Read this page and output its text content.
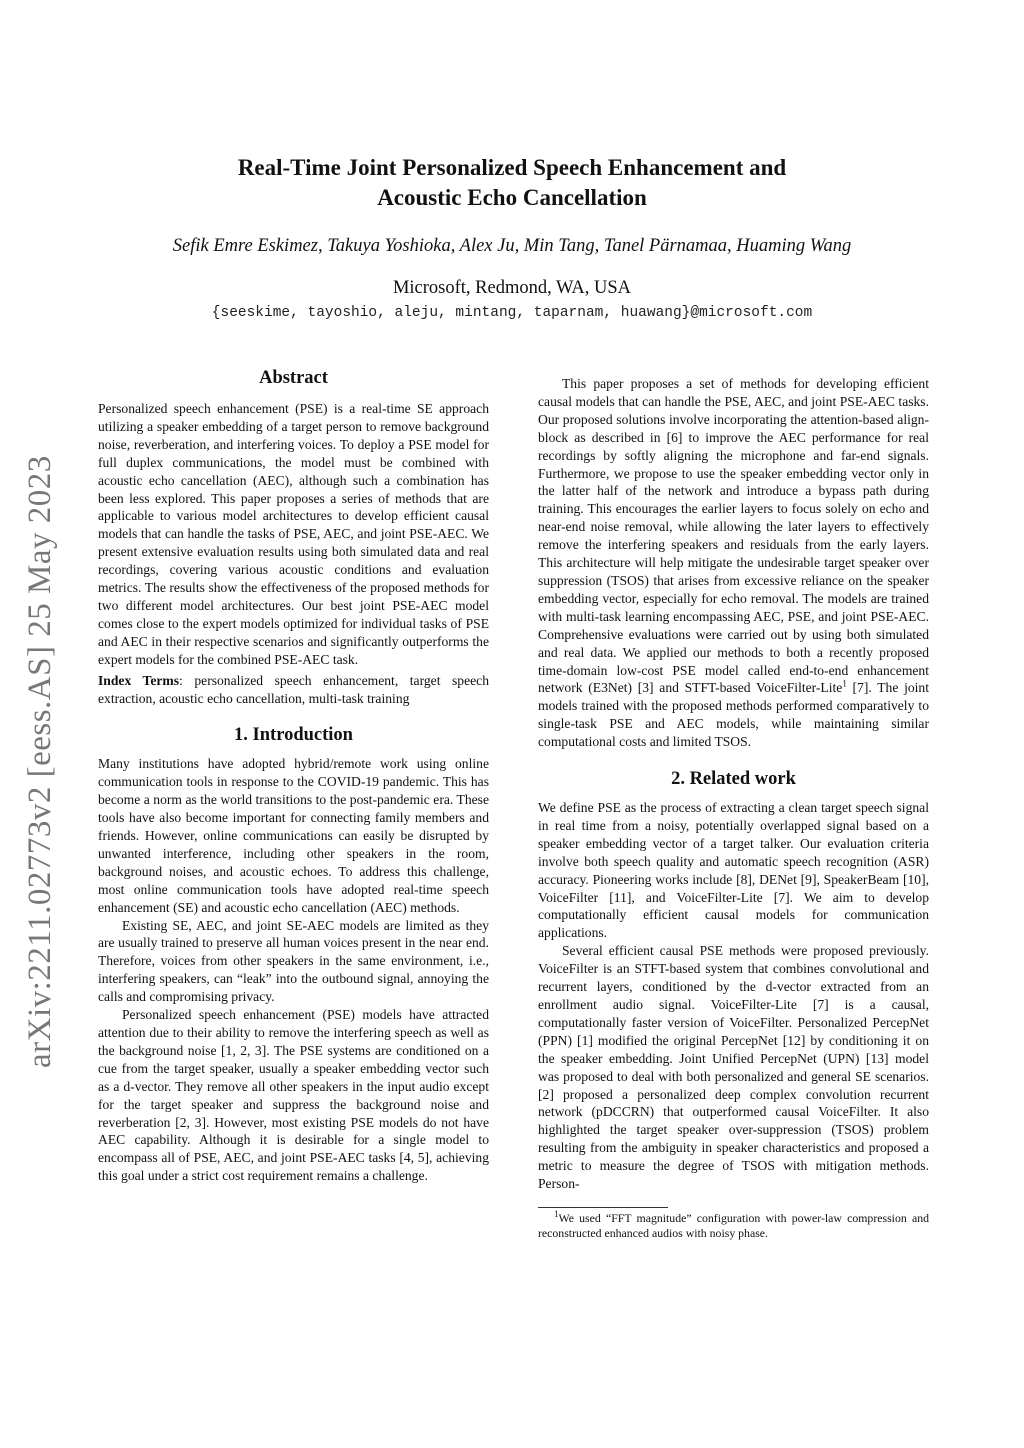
arXiv:2211.02773v2 [eess.AS] 25 May 2023
Real-Time Joint Personalized Speech Enhancement and
Acoustic Echo Cancellation
Sefik Emre Eskimez, Takuya Yoshioka, Alex Ju, Min Tang, Tanel Pärnamaa, Huaming Wang
Microsoft, Redmond, WA, USA
{seeskime, tayoshio, aleju, mintang, taparnam, huawang}@microsoft.com
Abstract

Personalized speech enhancement (PSE) is a real-time SE approach utilizing a speaker embedding of a target person to remove background noise, reverberation, and interfering voices. To deploy a PSE model for full duplex communications, the model must be combined with acoustic echo cancellation (AEC), although such a combination has been less explored. This paper proposes a series of methods that are applicable to various model architectures to develop efficient causal models that can handle the tasks of PSE, AEC, and joint PSE-AEC. We present extensive evaluation results using both simulated data and real recordings, covering various acoustic conditions and evaluation metrics. The results show the effectiveness of the proposed methods for two different model architectures. Our best joint PSE-AEC model comes close to the expert models optimized for individual tasks of PSE and AEC in their respective scenarios and significantly outperforms the expert models for the combined PSE-AEC task.

Index Terms: personalized speech enhancement, target speech extraction, acoustic echo cancellation, multi-task training

1. Introduction

Many institutions have adopted hybrid/remote work using online communication tools in response to the COVID-19 pandemic. This has become a norm as the world transitions to the post-pandemic era. These tools have also become important for connecting family members and friends. However, online communications can easily be disrupted by unwanted interference, including other speakers in the room, background noises, and acoustic echoes. To address this challenge, most online communication tools have adopted real-time speech enhancement (SE) and acoustic echo cancellation (AEC) methods.

Existing SE, AEC, and joint SE-AEC models are limited as they are usually trained to preserve all human voices present in the near end. Therefore, voices from other speakers in the same environment, i.e., interfering speakers, can “leak” into the outbound signal, annoying the calls and compromising privacy.

Personalized speech enhancement (PSE) models have attracted attention due to their ability to remove the interfering speech as well as the background noise [1, 2, 3]. The PSE systems are conditioned on a cue from the target speaker, usually a speaker embedding vector such as a d-vector. They remove all other speakers in the input audio except for the target speaker and suppress the background noise and reverberation [2, 3]. However, most existing PSE models do not have AEC capability. Although it is desirable for a single model to encompass all of PSE, AEC, and joint PSE-AEC tasks [4, 5], achieving this goal under a strict cost requirement remains a challenge.

This paper proposes a set of methods for developing efficient causal models that can handle the PSE, AEC, and joint PSE-AEC tasks. Our proposed solutions involve incorporating the attention-based align-block as described in [6] to improve the AEC performance for real recordings by softly aligning the microphone and far-end signals. Furthermore, we propose to use the speaker embedding vector only in the latter half of the network and introduce a bypass path during training. This encourages the earlier layers to focus solely on echo and near-end noise removal, while allowing the later layers to effectively remove the interfering speakers and residuals from the early layers. This architecture will help mitigate the undesirable target speaker over suppression (TSOS) that arises from excessive reliance on the speaker embedding vector, especially for echo removal. The models are trained with multi-task learning encompassing AEC, PSE, and joint PSE-AEC. Comprehensive evaluations were carried out by using both simulated and real data. We applied our methods to both a recently proposed time-domain low-cost PSE model called end-to-end enhancement network (E3Net) [3] and STFT-based VoiceFilter-Lite$^1$ [7]. The joint models trained with the proposed methods performed comparatively to single-task PSE and AEC models, while maintaining similar computational costs and limited TSOS.

2. Related work

We define PSE as the process of extracting a clean target speech signal in real time from a noisy, potentially overlapped signal based on a speaker embedding vector of a target talker. Our evaluation criteria involve both speech quality and automatic speech recognition (ASR) accuracy. Pioneering works include [8], DENet [9], SpeakerBeam [10], VoiceFilter [11], and VoiceFilter-Lite [7]. We aim to develop computationally efficient causal models for communication applications.

Several efficient causal PSE methods were proposed previously. VoiceFilter is an STFT-based system that combines convolutional and recurrent layers, conditioned by the d-vector extracted from an enrollment audio signal. VoiceFilter-Lite [7] is a causal, computationally faster version of VoiceFilter. Personalized PercepNet (PPN) [1] modified the original PercepNet [12] by conditioning it on the speaker embedding. Joint Unified PercepNet (UPN) [13] model was proposed to deal with both personalized and general SE scenarios. [2] proposed a personalized deep complex convolution recurrent network (pDCCRN) that outperformed causal VoiceFilter. It also highlighted the target speaker over-suppression (TSOS) problem resulting from the ambiguity in speaker characteristics and proposed a metric to measure the degree of TSOS with mitigation methods. Person-

$^1$We used “FFT magnitude” configuration with power-law compression and reconstructed enhanced audios with noisy phase.
